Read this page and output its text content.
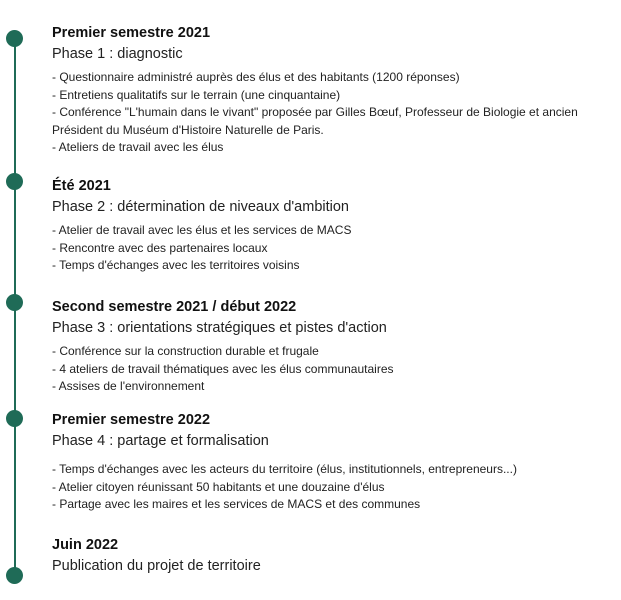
Premier semestre 2021
Phase 1 : diagnostic
- Questionnaire administré auprès des élus et des habitants (1200 réponses)
- Entretiens qualitatifs sur le terrain (une cinquantaine)
- Conférence "L'humain dans le vivant" proposée par Gilles Bœuf, Professeur de Biologie et ancien Président du Muséum d'Histoire Naturelle de Paris.
- Ateliers de travail avec les élus
Été 2021
Phase 2 : détermination de niveaux d'ambition
- Atelier de travail avec les élus et les services de MACS
- Rencontre avec des partenaires locaux
- Temps d'échanges avec les territoires voisins
Second semestre 2021 / début 2022
Phase 3 : orientations stratégiques et pistes d'action
- Conférence sur la construction durable et frugale
- 4 ateliers de travail thématiques avec les élus communautaires
- Assises de l'environnement
Premier semestre 2022
Phase 4 : partage et formalisation
- Temps d'échanges avec les acteurs du territoire (élus, institutionnels, entrepreneurs...)
- Atelier citoyen réunissant 50 habitants et une douzaine d'élus
- Partage avec les maires et les services de MACS et des communes
Juin 2022
Publication du projet de territoire
